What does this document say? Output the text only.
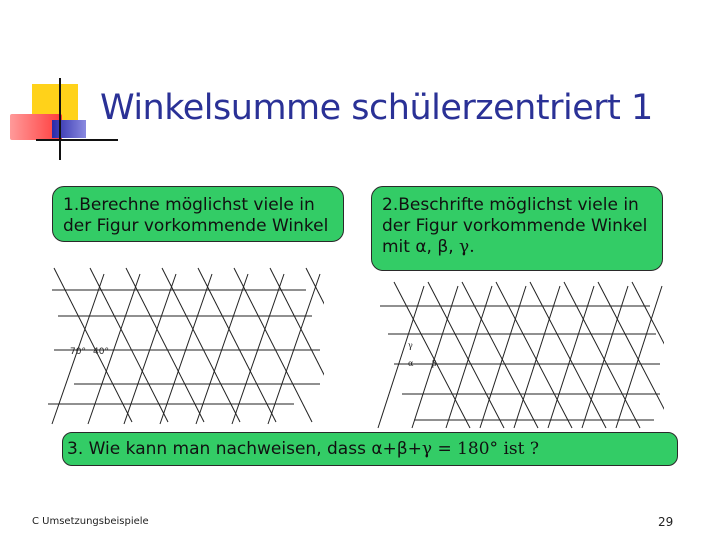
Winkelsumme schülerzentriert 1
1.Berechne möglichst viele in der Figur vorkommende Winkel
2.Beschrifte möglichst viele in der Figur vorkommende Winkel mit α, β, γ.
70° 40°
γ
α β
3. Wie kann man nachweisen, dass α+β+γ = 180° ist ?
C Umsetzungsbeispiele	29
